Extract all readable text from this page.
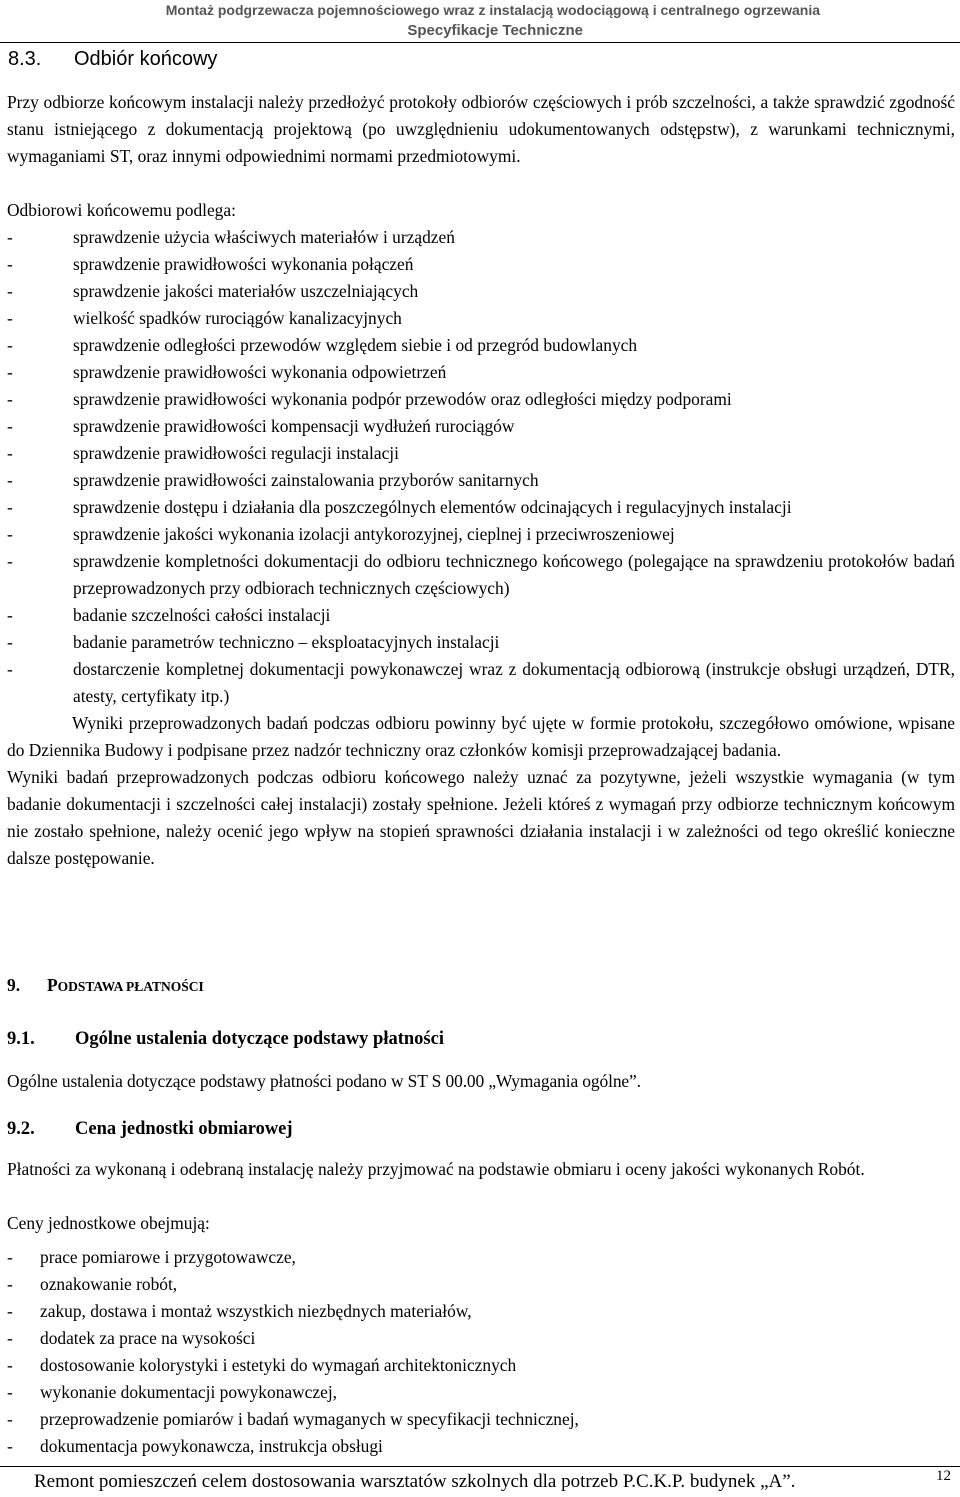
Montaż podgrzewacza pojemnościowego wraz z instalacją wodociągową i centralnego ogrzewania
Specyfikacje Techniczne
8.3. Odbiór końcowy
Przy odbiorze końcowym instalacji należy przedłożyć protokoły odbiorów częściowych i prób szczelności, a także sprawdzić zgodność stanu istniejącego z dokumentacją projektową (po uwzględnieniu udokumentowanych odstępstw), z warunkami technicznymi, wymaganiami ST, oraz innymi odpowiednimi normami przedmiotowymi.
Odbiorowi końcowemu podlega:
-	sprawdzenie użycia właściwych materiałów i urządzeń
-	sprawdzenie prawidłowości wykonania połączeń
-	sprawdzenie jakości materiałów uszczelniających
-	wielkość spadków rurociągów kanalizacyjnych
-	sprawdzenie odległości przewodów względem siebie i od przegród budowlanych
-	sprawdzenie prawidłowości wykonania odpowietrzeń
-	sprawdzenie prawidłowości wykonania podpór przewodów oraz odległości między podporami
-	sprawdzenie prawidłowości kompensacji wydłużeń rurociągów
-	sprawdzenie prawidłowości regulacji instalacji
-	sprawdzenie prawidłowości zainstalowania przyborów sanitarnych
-	sprawdzenie dostępu i działania dla poszczególnych elementów odcinających i regulacyjnych instalacji
-	sprawdzenie jakości wykonania izolacji antykorozyjnej, cieplnej i przeciwroszeniowej
-	sprawdzenie kompletności dokumentacji do odbioru technicznego końcowego (polegające na sprawdzeniu protokołów badań przeprowadzonych przy odbiorach technicznych częściowych)
-	badanie szczelności całości instalacji
-	badanie parametrów techniczno – eksploatacyjnych instalacji
-	dostarczenie kompletnej dokumentacji powykonawczej wraz z dokumentacją odbiorową (instrukcje obsługi urządzeń, DTR, atesty, certyfikaty itp.)
Wyniki przeprowadzonych badań podczas odbioru powinny być ujęte w formie protokołu, szczegółowo omówione, wpisane do Dziennika Budowy i podpisane przez nadzór techniczny oraz członków komisji przeprowadzającej badania.
Wyniki badań przeprowadzonych podczas odbioru końcowego należy uznać za pozytywne, jeżeli wszystkie wymagania (w tym badanie dokumentacji i szczelności całej instalacji) zostały spełnione. Jeżeli któreś z wymagań przy odbiorze technicznym końcowym nie zostało spełnione, należy ocenić jego wpływ na stopień sprawności działania instalacji i w zależności od tego określić konieczne dalsze postępowanie.
9. PODSTAWA PŁATNOŚCI
9.1. Ogólne ustalenia dotyczące podstawy płatności
Ogólne ustalenia dotyczące podstawy płatności podano w ST S 00.00 „Wymagania ogólne”.
9.2. Cena jednostki obmiarowej
Płatności za wykonaną i odebraną instalację należy przyjmować na podstawie obmiaru i oceny jakości wykonanych Robót.
Ceny jednostkowe obejmują:
- prace pomiarowe i przygotowawcze,
- oznakowanie robót,
- zakup, dostawa i montaż wszystkich niezbędnych materiałów,
- dodatek za prace na wysokości
- dostosowanie kolorystyki i estetyki do wymagań architektonicznych
- wykonanie dokumentacji powykonawczej,
- przeprowadzenie pomiarów i badań wymaganych w specyfikacji technicznej,
- dokumentacja powykonawcza, instrukcja obsługi
Remont pomieszczeń celem dostosowania warsztatów szkolnych dla potrzeb P.C.K.P. budynek „A”.	12
